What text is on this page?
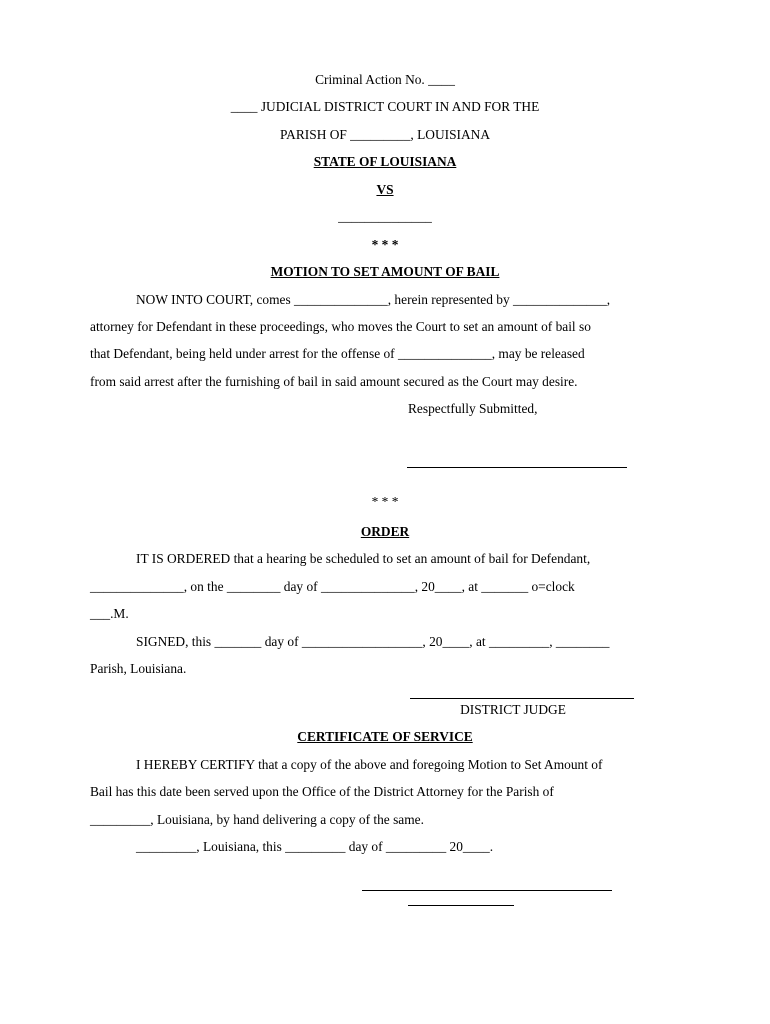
Criminal Action No. ____
____ JUDICIAL DISTRICT COURT IN AND FOR THE
PARISH OF _________, LOUISIANA
STATE OF LOUISIANA
VS
______________
* * *
MOTION TO SET AMOUNT OF BAIL
NOW INTO COURT, comes ______________, herein represented by ______________,
attorney for Defendant in these proceedings, who moves the Court to set an amount of bail so
that Defendant, being held under arrest for the offense of ______________, may be released
from said arrest after the furnishing of bail in said amount secured as the Court may desire.
Respectfully Submitted,
* * *
ORDER
IT IS ORDERED that a hearing be scheduled to set an amount of bail for Defendant,
______________, on the ________ day of ______________, 20____, at _______ o=clock
___.M.
SIGNED, this _______ day of __________________, 20____, at _________, ________
Parish, Louisiana.
DISTRICT JUDGE
CERTIFICATE OF SERVICE
I HEREBY CERTIFY that a copy of the above and foregoing Motion to Set Amount of
Bail has this date been served upon the Office of the District Attorney for the Parish of
_________, Louisiana, by hand delivering a copy of the same.
_________, Louisiana, this _________ day of _________ 20____.
